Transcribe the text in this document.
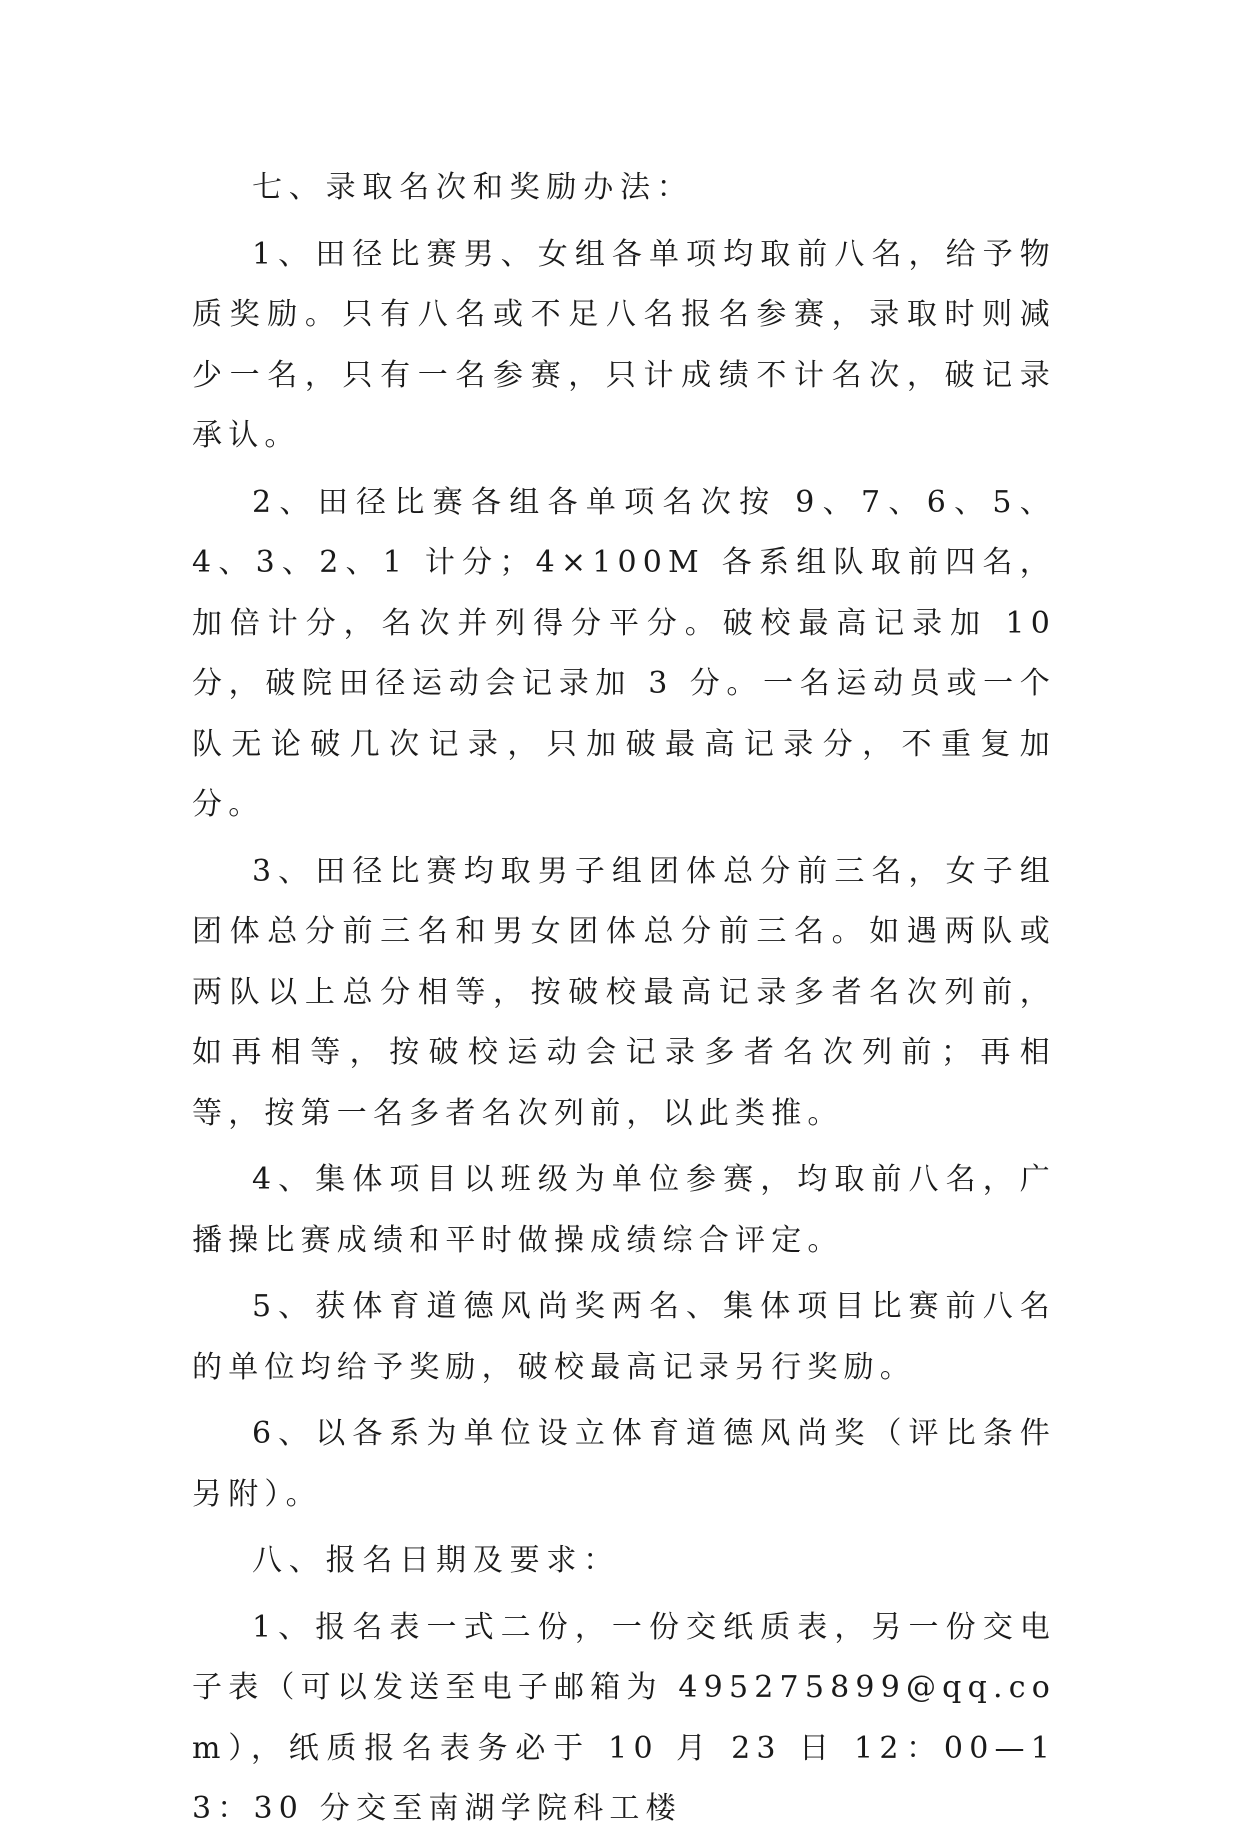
七、录取名次和奖励办法：

1、田径比赛男、女组各单项均取前八名，给予物质奖励。只有八名或不足八名报名参赛，录取时则减少一名，只有一名参赛，只计成绩不计名次，破记录承认。

2、田径比赛各组各单项名次按 9、7、6、5、4、3、2、1 计分；4×100M 各系组队取前四名，加倍计分，名次并列得分平分。破校最高记录加 10 分，破院田径运动会记录加 3 分。一名运动员或一个队无论破几次记录，只加破最高记录分，不重复加分。

3、田径比赛均取男子组团体总分前三名，女子组团体总分前三名和男女团体总分前三名。如遇两队或两队以上总分相等，按破校最高记录多者名次列前，如再相等，按破校运动会记录多者名次列前；再相等，按第一名多者名次列前，以此类推。

4、集体项目以班级为单位参赛，均取前八名，广播操比赛成绩和平时做操成绩综合评定。

5、获体育道德风尚奖两名、集体项目比赛前八名的单位均给予奖励，破校最高记录另行奖励。

6、以各系为单位设立体育道德风尚奖（评比条件另附）。

八、报名日期及要求：

1、报名表一式二份，一份交纸质表，另一份交电子表（可以发送至电子邮箱为 495275899@qq.com），纸质报名表务必于 10 月 23 日 12：00—13：30 分交至南湖学院科工楼
